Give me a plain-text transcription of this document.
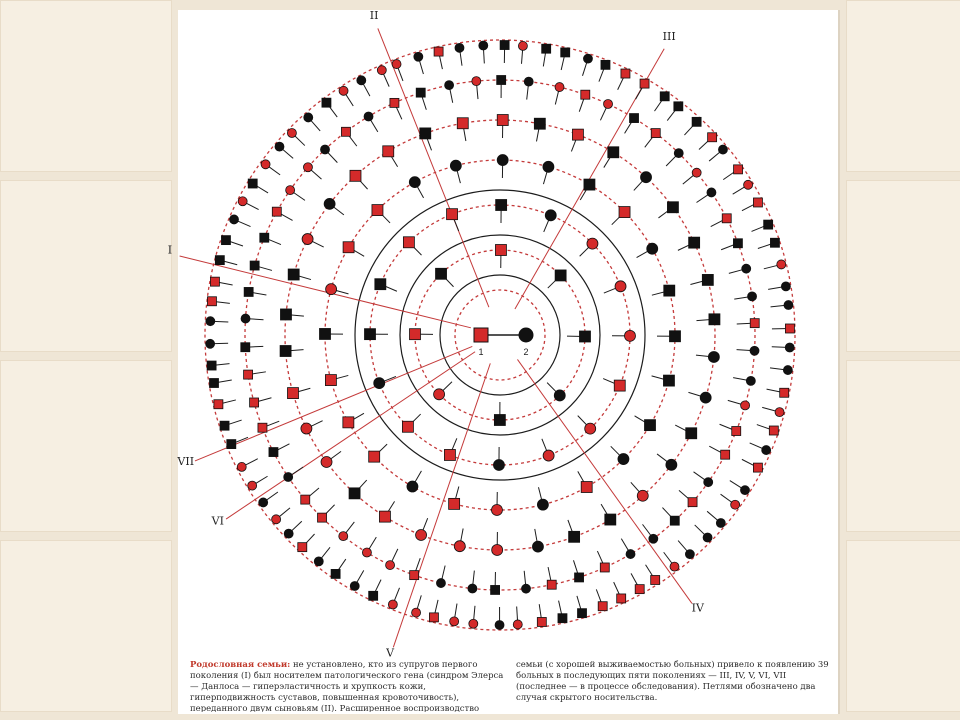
I
II
III
IV
V
VI
VII
1	2
Родословная семьи: не установлено, кто из супругов первого поколения (I) был носителем патологического гена (синдром Элерса — Данлоса — гиперэластичность и хрупкость кожи, гиперподвижность суставов, повышенная кровоточивость), переданного двум сыновьям (II). Расширенное воспроизводство
семьи (с хорошей выживаемостью больных) привело к появлению 39 больных в последующих пяти поколениях — III, IV, V, VI, VII (последнее — в процессе обследования). Петлями обозначено два случая скрытого носительства.
